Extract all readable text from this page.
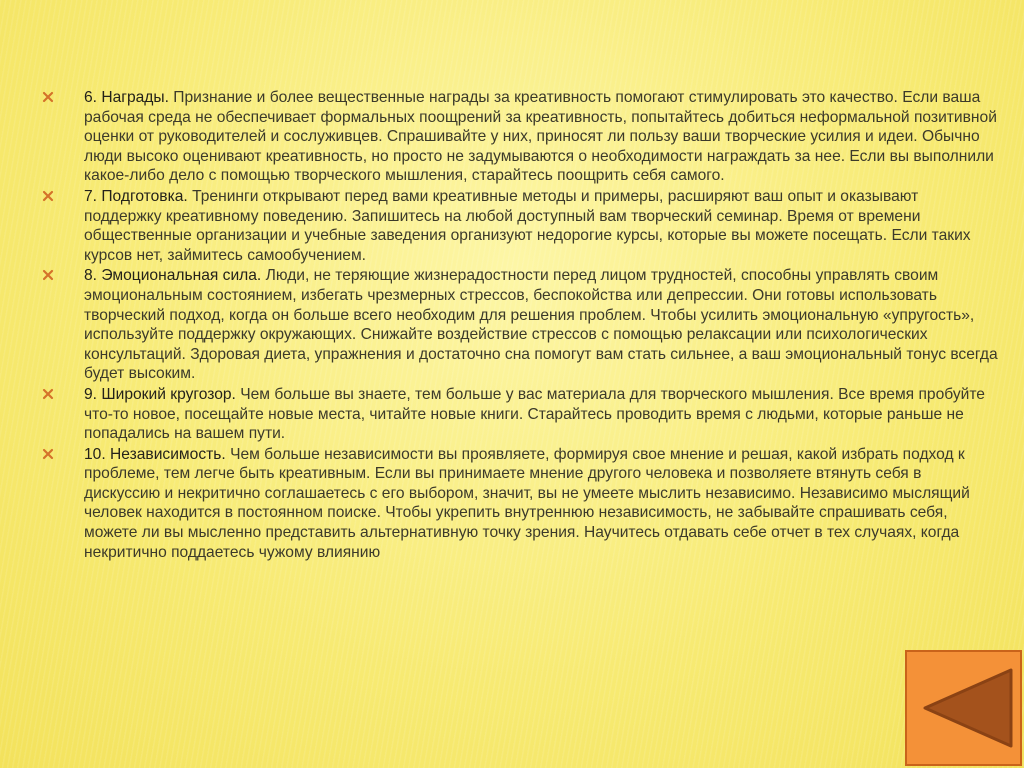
6. Награды. Признание и более вещественные награды за креативность помогают стимулировать это качество. Если ваша рабочая среда не обеспечивает формальных поощрений за креативность, попытайтесь добиться неформальной позитивной оценки от руководителей и сослуживцев. Спрашивайте у них, приносят ли пользу ваши творческие усилия и идеи. Обычно люди высоко оценивают креативность, но просто не задумываются о необходимости награждать за нее. Если вы выполнили какое-либо дело с помощью творческого мышления, старайтесь поощрить себя самого.
7. Подготовка. Тренинги открывают перед вами креативные методы и примеры, расширяют ваш опыт и оказывают поддержку креативному поведению. Запишитесь на любой доступный вам творческий семинар. Время от времени общественные организации и учебные заведения организуют недорогие курсы, которые вы можете посещать. Если таких курсов нет, займитесь самообучением.
8. Эмоциональная сила. Люди, не теряющие жизнерадостности перед лицом трудностей, способны управлять своим эмоциональным состоянием, избегать чрезмерных стрессов, беспокойства или депрессии. Они готовы использовать творческий подход, когда он больше всего необходим для решения проблем. Чтобы усилить эмоциональную «упругость», используйте поддержку окружающих. Снижайте воздействие стрессов с помощью релаксации или психологических консультаций. Здоровая диета, упражнения и достаточно сна помогут вам стать сильнее, а ваш эмоциональный тонус всегда будет высоким.
9. Широкий кругозор. Чем больше вы знаете, тем больше у вас материала для творческого мышления. Все время пробуйте что-то новое, посещайте новые места, читайте новые книги. Старайтесь проводить время с людьми, которые раньше не попадались на вашем пути.
10. Независимость. Чем больше независимости вы проявляете, формируя свое мнение и решая, какой избрать подход к проблеме, тем легче быть креативным. Если вы принимаете мнение другого человека и позволяете втянуть себя в дискуссию и некритично соглашаетесь с его выбором, значит, вы не умеете мыслить независимо. Независимо мыслящий человек находится в постоянном поиске. Чтобы укрепить внутреннюю независимость, не забывайте спрашивать себя, можете ли вы мысленно представить альтернативную точку зрения. Научитесь отдавать себе отчет в тех случаях, когда некритично поддаетесь чужому влиянию
